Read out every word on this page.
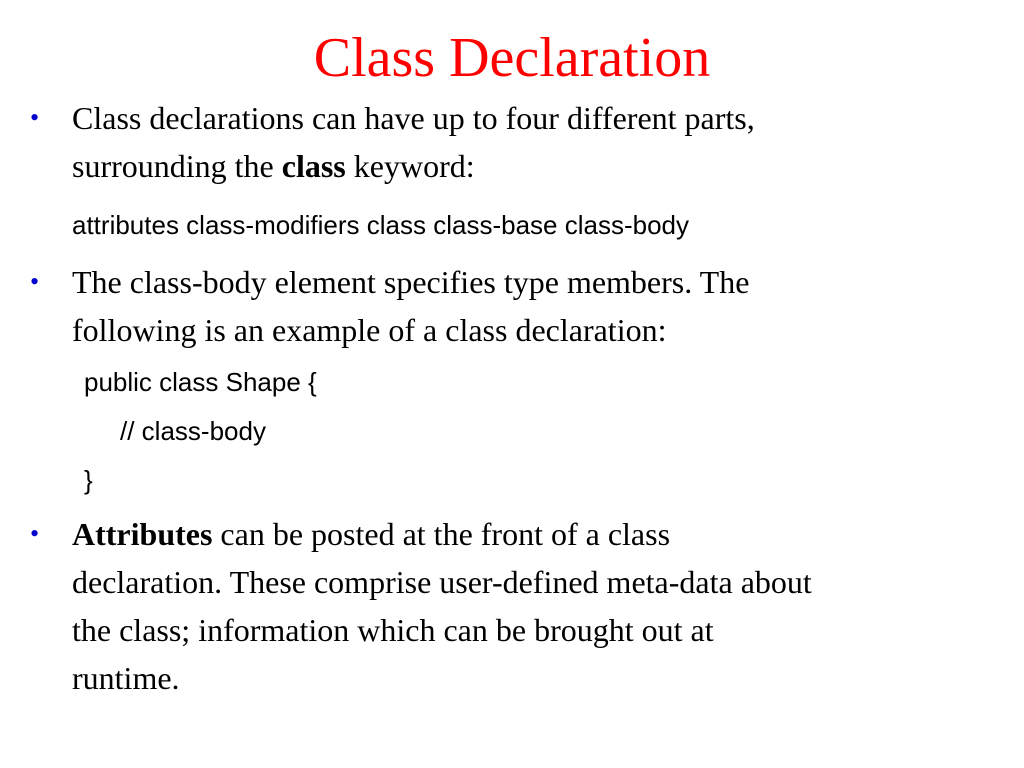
Class Declaration
• Class declarations can have up to four different parts,
surrounding the class keyword:
attributes class-modifiers class class-base class-body
• The class-body element specifies type members. The
following is an example of a class declaration:
public class Shape {
// class-body
}
• Attributes can be posted at the front of a class
declaration. These comprise user-defined meta-data about
the class; information which can be brought out at
runtime.
